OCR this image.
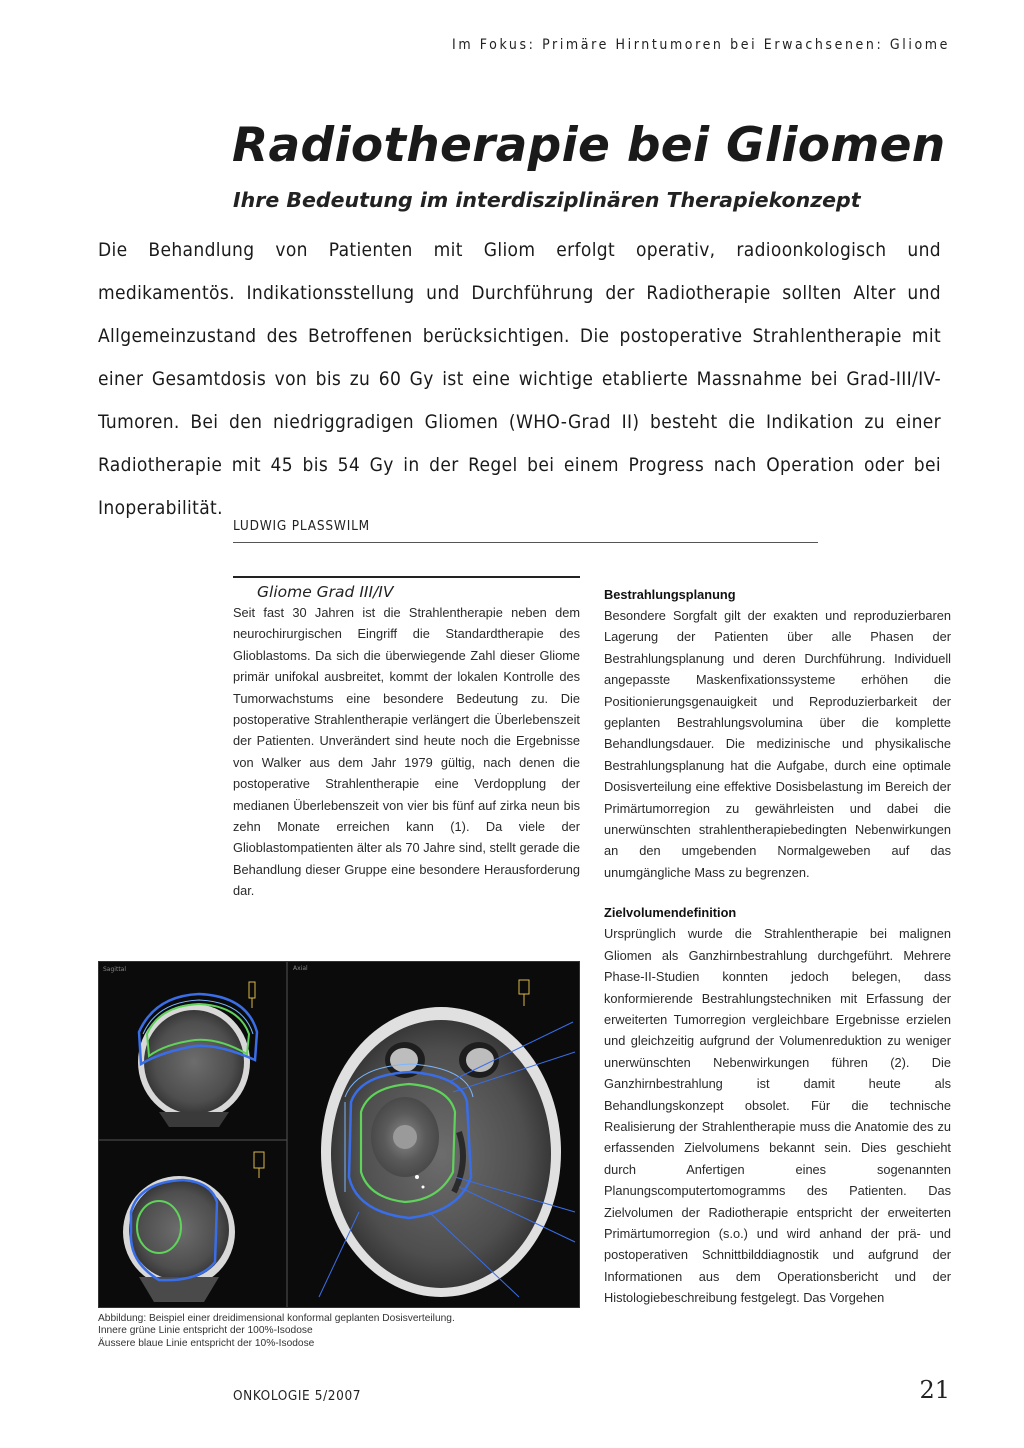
Im Fokus: Primäre Hirntumoren bei Erwachsenen: Gliome
Radiotherapie bei Gliomen
Ihre Bedeutung im interdisziplinären Therapiekonzept

Die Behandlung von Patienten mit Gliom erfolgt operativ, radioonkologisch und medikamentös. Indikationsstellung und Durchführung der Radiotherapie sollten Alter und Allgemeinzustand des Betroffenen berücksichtigen. Die postoperative Strahlentherapie mit einer Gesamtdosis von bis zu 60 Gy ist eine wichtige etablierte Massnahme bei Grad-III/IV-Tumoren. Bei den niedriggradigen Gliomen (WHO-Grad II) besteht die Indikation zu einer Radiotherapie mit 45 bis 54 Gy in der Regel bei einem Progress nach Operation oder bei Inoperabilität.

LUDWIG PLASSWILM
Gliome Grad III/IV

Seit fast 30 Jahren ist die Strahlentherapie neben dem neurochirurgischen Eingriff die Standardtherapie des Glioblastoms. Da sich die überwiegende Zahl dieser Gliome primär unifokal ausbreitet, kommt der lokalen Kontrolle des Tumorwachstums eine besondere Bedeutung zu. Die postoperative Strahlentherapie verlängert die Überlebenszeit der Patienten. Unverändert sind heute noch die Ergebnisse von Walker aus dem Jahr 1979 gültig, nach denen die postoperative Strahlentherapie eine Verdopplung der medianen Überlebenszeit von vier bis fünf auf zirka neun bis zehn Monate erreichen kann (1). Da viele der Glioblastompatienten älter als 70 Jahre sind, stellt gerade die Behandlung dieser Gruppe eine besondere Herausforderung dar.

Bestrahlungsplanung

Besondere Sorgfalt gilt der exakten und reproduzierbaren Lagerung der Patienten über alle Phasen der Bestrahlungsplanung und deren Durchführung. Individuell angepasste Maskenfixationssysteme erhöhen die Positionierungsgenauigkeit und Reproduzierbarkeit der geplanten Bestrahlungsvolumina über die komplette Behandlungsdauer. Die medizinische und physikalische Bestrahlungsplanung hat die Aufgabe, durch eine optimale Dosisverteilung eine effektive Dosisbelastung im Bereich der Primärtumorregion zu gewährleisten und dabei die unerwünschten strahlentherapiebedingten Nebenwirkungen an den umgebenden Normalgeweben auf das unumgängliche Mass zu begrenzen.

Zielvolumendefinition

Ursprünglich wurde die Strahlentherapie bei malignen Gliomen als Ganzhirnbestrahlung durchgeführt. Mehrere Phase-II-Studien konnten jedoch belegen, dass konformierende Bestrahlungstechniken mit Erfassung der erweiterten Tumorregion vergleichbare Ergebnisse erzielen und gleichzeitig aufgrund der Volumenreduktion zu weniger unerwünschten Nebenwirkungen führen (2). Die Ganzhirnbestrahlung ist damit heute als Behandlungskonzept obsolet. Für die technische Realisierung der Strahlentherapie muss die Anatomie des zu erfassenden Zielvolumens bekannt sein. Dies geschieht durch Anfertigen eines sogenannten Planungscomputertomogramms des Patienten. Das Zielvolumen der Radiotherapie entspricht der erweiterten Primärtumorregion (s.o.) und wird anhand der prä- und postoperativen Schnittbilddiagnostik und aufgrund der Informationen aus dem Operationsbericht und der Histologiebeschreibung festgelegt. Das Vorgehen

Sagittal	Axial
Abbildung: Beispiel einer dreidimensional konformal geplanten Dosisverteilung.
Innere grüne Linie entspricht der 100%-Isodose
Äussere blaue Linie entspricht der 10%-Isodose
ONKOLOGIE 5/2007	21
